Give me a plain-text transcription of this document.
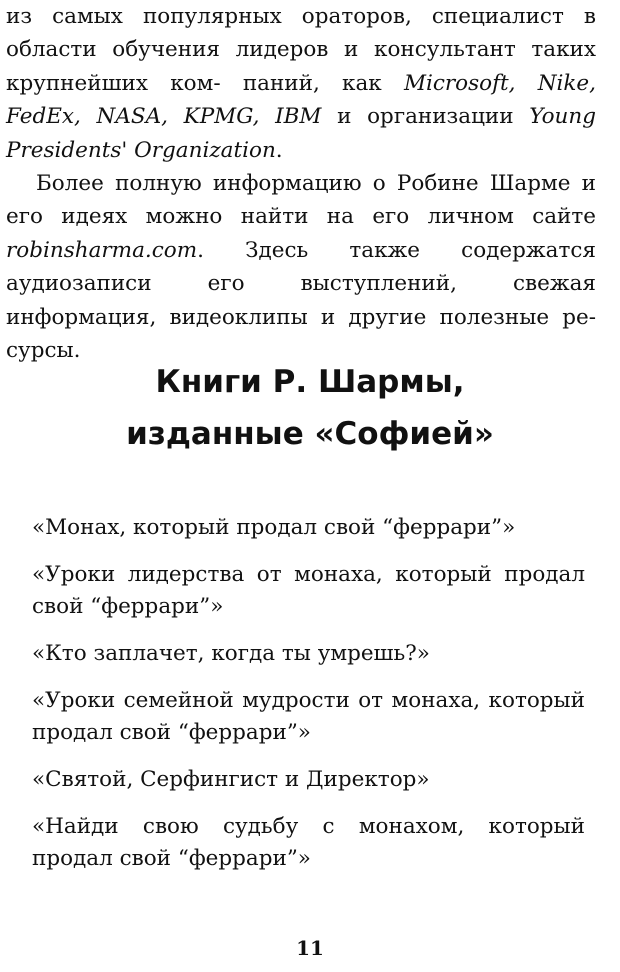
из самых популярных ораторов, специалист в области обучения лидеров и консультант таких крупнейших ком- паний, как Microsoft, Nike, FedEx, NASA, KPMG, IBM и организации Young Presidents' Organization.

Более полную информацию о Робине Шарме и его идеях можно найти на его личном сайте robinsharma.com. Здесь также содержатся аудиозаписи его выступлений, свежая информация, видеоклипы и другие полезные ре-сурсы.

Книги Р. Шармы,
изданные «Софией»
«Монах, который продал свой “феррари”»
«Уроки лидерства от монаха, который продал свой “феррари”»
«Кто заплачет, когда ты умрешь?»
«Уроки семейной мудрости от монаха, который продал свой “феррари”»
«Святой, Серфингист и Директор»
«Найди свою судьбу с монахом, который продал свой “феррари”»
11
